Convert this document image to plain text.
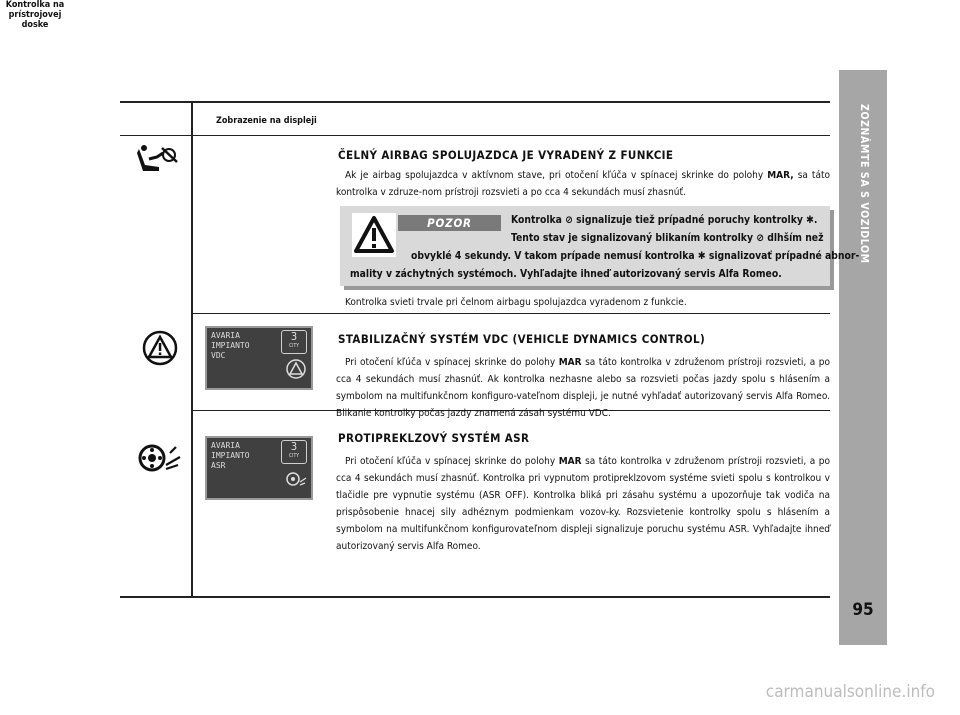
Kontrolka na prístrojovej doske
Zobrazenie na displeji	ZOZNÁMTE SA S VOZIDLOM
95
ČELNÝ AIRBAG SPOLUJAZDCA JE VYRADENÝ Z FUNKCIE

Ak je airbag spolujazdca v aktívnom stave, pri otočení kľúča v spínacej skrinke do polohy MAR, sa táto kontrolka v zdruze-nom prístroji rozsvieti a po cca 4 sekundách musí zhasnúť.

POZOR	Kontrolka ⊘ signalizuje tiež prípadné poruchy kontrolky ✱.
Tento stav je signalizovaný blikaním kontrolky ⊘ dlhším než
obvyklé 4 sekundy. V takom prípade nemusí kontrolka ✱ signalizovať prípadné abnor-
mality v záchytných systémoch. Vyhľadajte ihneď autorizovaný servis Alfa Romeo.

Kontrolka svieti trvale pri čelnom airbagu spolujazdca vyradenom z funkcie.

AVARIA
IMPIANTO
VDC
3
CITY	STABILIZAČNÝ SYSTÉM VDC (VEHICLE DYNAMICS CONTROL)

Pri otočení kľúča v spínacej skrinke do polohy MAR sa táto kontrolka v združenom prístroji rozsvieti, a po cca 4 sekundách musí zhasnúť. Ak kontrolka nezhasne alebo sa rozsvieti počas jazdy spolu s hlásením a symbolom na multifunkčnom konfiguro-vateľnom displeji, je nutné vyhľadať autorizovaný servis Alfa Romeo. Blikanie kontrolky počas jazdy znamená zásah systému VDC.

AVARIA
IMPIANTO
ASR
3
CITY
PROTIPREKLZOVÝ SYSTÉM ASR

Pri otočení kľúča v spínacej skrinke do polohy MAR sa táto kontrolka v združenom prístroji rozsvieti, a po cca 4 sekundách musí zhasnúť. Kontrolka pri vypnutom protipreklzovom systéme svieti spolu s kontrolkou v tlačidle pre vypnutie systému (ASR OFF). Kontrolka bliká pri zásahu systému a upozorňuje tak vodiča na prispôsobenie hnacej sily adhéznym podmienkam vozov-ky. Rozsvietenie kontrolky spolu s hlásením a symbolom na multifunkčnom konfigurovateľnom displeji signalizuje poruchu systému ASR. Vyhľadajte ihneď autorizovaný servis Alfa Romeo.

carmanualsonline.info
